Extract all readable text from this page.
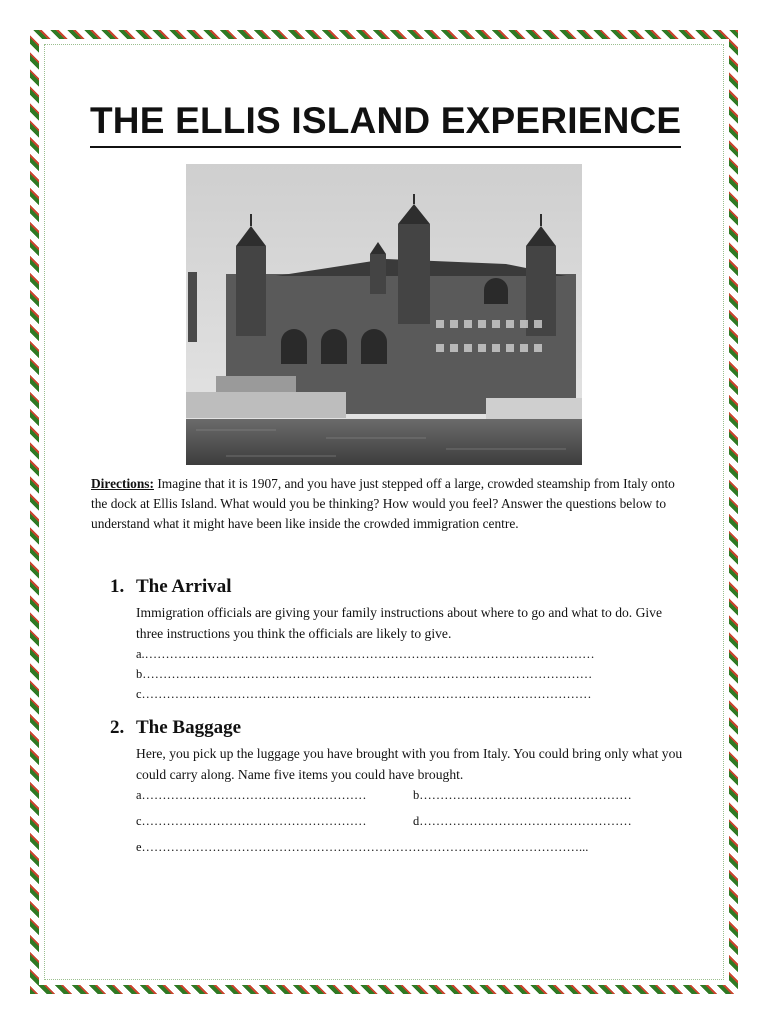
THE ELLIS ISLAND EXPERIENCE

Directions: Imagine that it is 1907, and you have just stepped off a large, crowded steamship from Italy onto the dock at Ellis Island. What would you be thinking? How would you feel? Answer the questions below to understand what it might have been like inside the crowded immigration centre.

1. The Arrival

Immigration officials are giving your family instructions about where to go and what to do. Give three instructions you think the officials are likely to give.

a.………………………………………………………………………………………………
b………………………………………………………………………………………………
c………………………………………………………………………………………………
2. The Baggage

Here, you pick up the luggage you have brought with you from Italy. You could bring only what you could carry along. Name five items you could have brought.

a………………………………………………	b……………………………………………
c………………………………………………	d……………………………………………
e……………………………………………………………………………………………...
